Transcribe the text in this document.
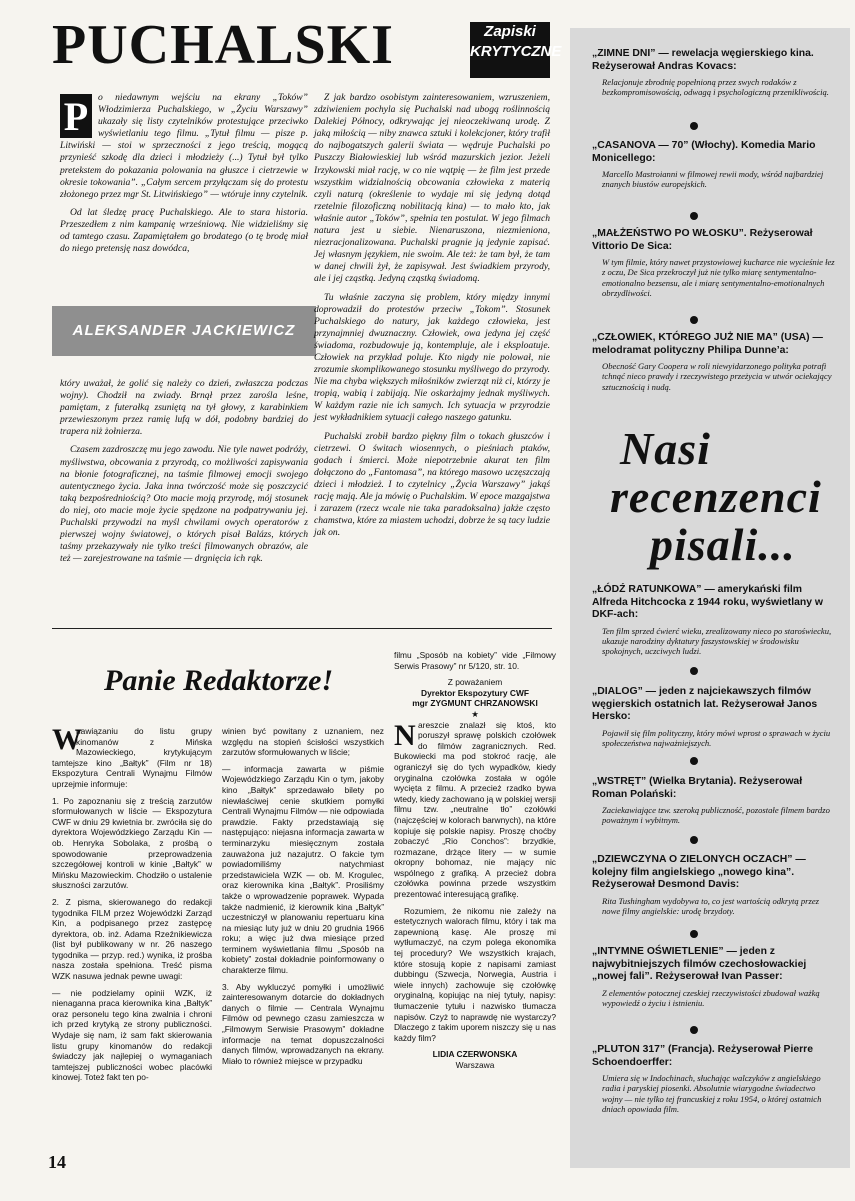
PUCHALSKI	Zapiski
KRYTYCZNE
P	o niedawnym wejściu na ekrany „Toków” Włodzimierza Puchalskiego, w „Życiu Warszawy” ukazały się listy czytelników protestujące przeciwko wyświetlaniu tego filmu. „Tytuł filmu — pisze p. Litwiński — stoi w sprzeczności z jego treścią, mogącą przynieść szkodę dla dzieci i młodzieży (...) Tytuł był tylko pretekstem do pokazania polowania na głuszce i cietrzewie w okresie tokowania”. „Całym sercem przyłączam się do protestu złożonego przez mgr St. Litwińskiego” — wtóruje inny czytelnik.

Od lat śledzę pracę Puchalskiego. Ale to stara historia. Przeszedłem z nim kampanię wrześniową. Nie widzieliśmy się od tamtego czasu. Zapamiętałem go brodatego (o tę brodę miał do niego pretensję nasz dowódca,

ALEKSANDER JACKIEWICZ

który uważał, że golić się należy co dzień, zwłaszcza podczas wojny). Chodził na zwiady. Brnął przez zarośla leśne, pamiętam, z futerałką zsuniętą na tył głowy, z karabinkiem przewieszonym przez ramię lufą w dół, podobny bardziej do trapera niż żołnierza.

Czasem zazdroszczę mu jego zawodu. Nie tyle nawet podróży, myśliwstwa, obcowania z przyrodą, co możliwości zapisywania na błonie fotograficznej, na taśmie filmowej emocji swojego autentycznego życia. Jaka inna twórczość może się poszczycić taką bezpośredniością? Oto macie moją przyrodę, mój stosunek do niej, oto macie moje życie spędzone na podpatrywaniu jej. Puchalski przywodzi na myśl chwilami owych operatorów z pierwszej wojny światowej, o których pisał Balázs, których taśmy przekazywały nie tylko treści filmowanych obrazów, ale też — zarejestrowane na taśmie — drgnięcia ich rąk.

Z jak bardzo osobistym zainteresowaniem, wzruszeniem, zdziwieniem pochyla się Puchalski nad ubogą roślinnością Dalekiej Północy, odkrywając jej nieoczekiwaną urodę. Z jaką miłością — niby znawca sztuki i kolekcjoner, który trafił do najbogatszych galerii świata — wędruje Puchalski po Puszczy Białowieskiej lub wśród mazurskich jezior. Jeżeli Irzykowski miał rację, w co nie wątpię — że film jest przede wszystkim widzialnością obcowania człowieka z materią czyli naturą (określenie to wydaje mi się jedyną dotąd rzetelnie filozoficzną nobilitacją kina) — to mało kto, jak właśnie autor „Toków”, spełnia ten postulat. W jego filmach natura jest u siebie. Nienaruszona, niezmieniona, niezracjonalizowana. Puchalski pragnie ją jedynie zapisać. Jej własnym językiem, nie swoim. Ale też: że tam był, że tam w danej chwili żył, że zapisywał. Jest świadkiem przyrody, ale i jej cząstką. Jedyną cząstką świadomą.

Tu właśnie zaczyna się problem, który między innymi doprowadził do protestów przeciw „Tokom”. Stosunek Puchalskiego do natury, jak każdego człowieka, jest przynajmniej dwuznaczny. Człowiek, owa jedyna jej część świadoma, rozbudowuje ją, kontempluje, ale i eksploatuje. Człowiek na przykład poluje. Kto nigdy nie polował, nie zrozumie skomplikowanego stosunku myśliwego do przyrody. Nie ma chyba większych miłośników zwierząt niż ci, którzy je tropią, wabią i zabijają. Nie oskarżajmy jednak myśliwych. W każdym razie nie ich samych. Ich sytuacja w przyrodzie jest wykładnikiem sytuacji całego naszego gatunku.

Puchalski zrobił bardzo piękny film o tokach głuszców i cietrzewi. O świtach wiosennych, o pieśniach ptaków, godach i śmierci. Może niepotrzebnie akurat ten film dołączono do „Fantomasa”, na którego masowo uczęszczają dzieci i młodzież. I to czytelnicy „Życia Warszawy” jakąś rację mają. Ale ja mówię o Puchalskim. W epoce mazgajstwa i zarazem (rzecz wcale nie taka paradoksalna) jakże często chamstwa, które za miastem uchodzi, dobrze że są tacy ludzie jak on.

Panie Redaktorze!
W

nawiązaniu do listu grupy kinomanów z Mińska Mazowieckiego, krytykującym tamtejsze kino „Bałtyk” (Film nr 18) Ekspozytura Centrali Wynajmu Filmów uprzejmie informuje:

1. Po zapoznaniu się z treścią zarzutów sformułowanych w liście — Ekspozytura CWF w dniu 29 kwietnia br. zwróciła się do dyrektora Wojewódzkiego Zarządu Kin — ob. Henryka Sobolaka, z prośbą o spowodowanie przeprowadzenia szczegółowej kontroli w kinie „Bałtyk” w Mińsku Mazowieckim. Chodziło o ustalenie słuszności zarzutów.

2. Z pisma, skierowanego do redakcji tygodnika FILM przez Wojewódzki Zarząd Kin, a podpisanego przez zastępcę dyrektora, ob. inż. Adama Rzeźnikiewicza (list był publikowany w nr. 26 naszego tygodnika — przyp. red.) wynika, iż prośba nasza została spełniona. Treść pisma WZK nasuwa jednak pewne uwagi:

— nie podzielamy opinii WZK, iż nienaganna praca kierownika kina „Bałtyk” oraz personelu tego kina zwalnia i chroni ich przed krytyką ze strony publiczności. Wydaje się nam, iż sam fakt skierowania listu grupy kinomanów do redakcji świadczy jak najlepiej o wymaganiach tamtejszej publiczności wobec placówki kinowej. Toteż fakt ten po-

winien być powitany z uznaniem, nez względu na stopień ścisłości wszystkich zarzutów sformułowanych w liście;

— informacja zawarta w piśmie Wojewódzkiego Zarządu Kin o tym, jakoby kino „Bałtyk” sprzedawało bilety po niewłaściwej cenie skutkiem pomyłki Centrali Wynajmu Filmów — nie odpowiada prawdzie. Fakty przedstawiają się następująco: niejasna informacja zawarta w terminarzyku miesięcznym została zauważona już nazajutrz. O fakcie tym powiadomiliśmy natychmiast przedstawiciela WZK — ob. M. Krogulec, oraz kierownika kina „Bałtyk”. Prosiliśmy także o wprowadzenie poprawek. Wypada także nadmienić, iż kierownik kina „Bałtyk” uczestniczył w planowaniu repertuaru kina na miesiąc luty już w dniu 20 grudnia 1966 roku; a więc już dwa miesiące przed terminem wyświetlania filmu „Sposób na kobiety” został dokładnie poinformowany o charakterze filmu.

3. Aby wykluczyć pomyłki i umożliwić zainteresowanym dotarcie do dokładnych danych o filmie — Centrala Wynajmu Filmów od pewnego czasu zamieszcza w „Filmowym Serwisie Prasowym” dokładne informacje na temat dopuszczalności danych filmów, wprowadzanych na ekrany. Miało to również miejsce w przypadku

filmu „Sposób na kobiety” vide „Filmowy Serwis Prasowy” nr 5/120, str. 10.

Z poważaniem
Dyrektor Ekspozytury CWF
mgr ZYGMUNT CHRZANOWSKI
★

N areszcie znalazł się ktoś, kto poruszył sprawę polskich czołówek do filmów zagranicznych. Red. Bukowiecki ma pod stokroć rację, ale ograniczył się do tych wypadków, kiedy oryginalna czołówka została w ogóle wycięta z filmu. A przecież rzadko bywa wtedy, kiedy zachowano ją w polskiej wersji filmu tzw. „neutralne tło” czołówki (najczęściej w kolorach barwnych), na które kopiuje się polskie napisy. Proszę choćby zobaczyć „Rio Conchos”: brzydkie, rozmazane, drżące litery — w sumie okropny bohomaz, nie mający nic wspólnego z grafiką. A przecież dobra czołówka powinna przede wszystkim prezentować interesującą grafikę.

Rozumiem, że nikomu nie zależy na estetycznych walorach filmu, który i tak ma zapewnioną kasę. Ale proszę mi wytłumaczyć, na czym polega ekonomika tej procedury? We wszystkich krajach, które stosują kopie z napisami zamiast dubbingu (Szwecja, Norwegia, Austria i wiele innych) zachowuje się czołówkę oryginalną, kopiując na niej tytuły, napisy: tłumaczenie tytułu i nazwisko tłumacza napisów. Czyż to naprawdę nie wystarczy? Dlaczego z takim uporem niszczy się u nas każdy film?

LIDIA CZERWONSKA
Warszawa

„ZIMNE DNI” — rewelacja węgierskiego kina. Reżyserował Andras Kovacs:

Relacjonuje zbrodnię popełnioną przez swych rodaków z bezkompromisowością, odwagą i psychologiczną przenikliwością.

„CASANOVA — 70” (Włochy). Komedia Mario Monicellego:

Marcello Mastroianni w filmowej rewii mody, wśród najbardziej znanych biustów europejskich.

„MAŁŻEŃSTWO PO WŁOSKU”. Reżyserował Vittorio De Sica:

W tym filmie, który nawet przystowiowej kucharce nie wycieśnie łez z oczu, De Sica przekroczył już nie tylko miarę sentymentalno-emotionalno bezsensu, ale i miarę sentymentalno-emotionalnych obrzydliwości.

„CZŁOWIEK, KTÓREGO JUŻ NIE MA” (USA) — melodramat polityczny Philipa Dunne’a:

Obecność Gary Coopera w roli niewyidarzonego polityka potrafi tchnąć nieco prawdy i rzeczywistego przeżycia w utwór ociekający sztucznością i nudą.

Nasi
recenzenci
pisali...

„ŁÓDŹ RATUNKOWA” — amerykański film Alfreda Hitchcocka z 1944 roku, wyświetlany w DKF-ach:

Ten film sprzed ćwierć wieku, zrealizowany nieco po staroświecku, ukazuje narodziny dyktatury faszystowskiej w środowisku spokojnych, uczciwych ludzi.

„DIALOG” — jeden z najciekawszych filmów węgierskich ostatnich lat. Reżyserował Janos Hersko:

Pojawił się film polityczny, który mówi wprost o sprawach w życiu społeczeństwa najważniejszych.

„WSTRĘT” (Wielka Brytania). Reżyserował Roman Polański:

Zaciekawiające tzw. szeroką publiczność, pozostałe filmem bardzo poważnym i wybitnym.

„DZIEWCZYNA O ZIELONYCH OCZACH” — kolejny film angielskiego „nowego kina”. Reżyserował Desmond Davis:

Rita Tushingham wydobywa to, co jest wartością odkrytą przez nowe filmy angielskie: urodę brzydoty.

„INTYMNE OŚWIETLENIE” — jeden z najwybitniejszych filmów czechosłowackiej „nowej fali”. Reżyserował Ivan Passer:

Z elementów potocznej czeskiej rzeczywistości zbudował ważką wypowiedź o życiu i istnieniu.

„PLUTON 317” (Francja). Reżyserował Pierre Schoendoerffer:

Umiera się w Indochinach, słuchając walczyków z angielskiego radia i paryskiej piosenki. Absolutnie wiarygodne świadectwo wojny — nie tylko tej francuskiej z roku 1954, o której ostatnich dniach opowiada film.

14
